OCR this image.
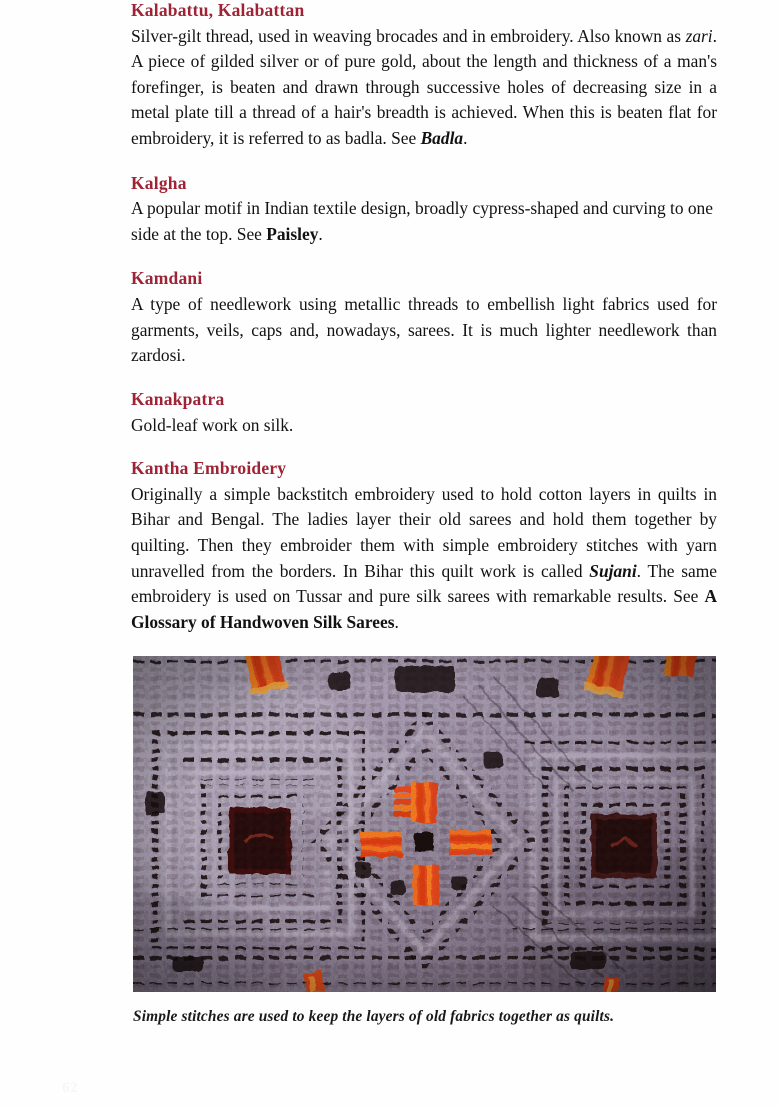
Kalabattu, Kalabattan

Silver-gilt thread, used in weaving brocades and in embroidery. Also known as zari. A piece of gilded silver or of pure gold, about the length and thickness of a man's forefinger, is beaten and drawn through successive holes of decreasing size in a metal plate till a thread of a hair's breadth is achieved. When this is beaten flat for embroidery, it is referred to as badla. See Badla.

Kalgha

A popular motif in Indian textile design, broadly cypress-shaped and curving to one side at the top. See Paisley.

Kamdani

A type of needlework using metallic threads to embellish light fabrics used for garments, veils, caps and, nowadays, sarees. It is much lighter needlework than zardosi.

Kanakpatra

Gold-leaf work on silk.

Kantha Embroidery

Originally a simple backstitch embroidery used to hold cotton layers in quilts in Bihar and Bengal. The ladies layer their old sarees and hold them together by quilting. Then they embroider them with simple embroidery stitches with yarn unravelled from the borders. In Bihar this quilt work is called Sujani. The same embroidery is used on Tussar and pure silk sarees with remarkable results. See A Glossary of Handwoven Silk Sarees.

Simple stitches are used to keep the layers of old fabrics together as quilts.
62
